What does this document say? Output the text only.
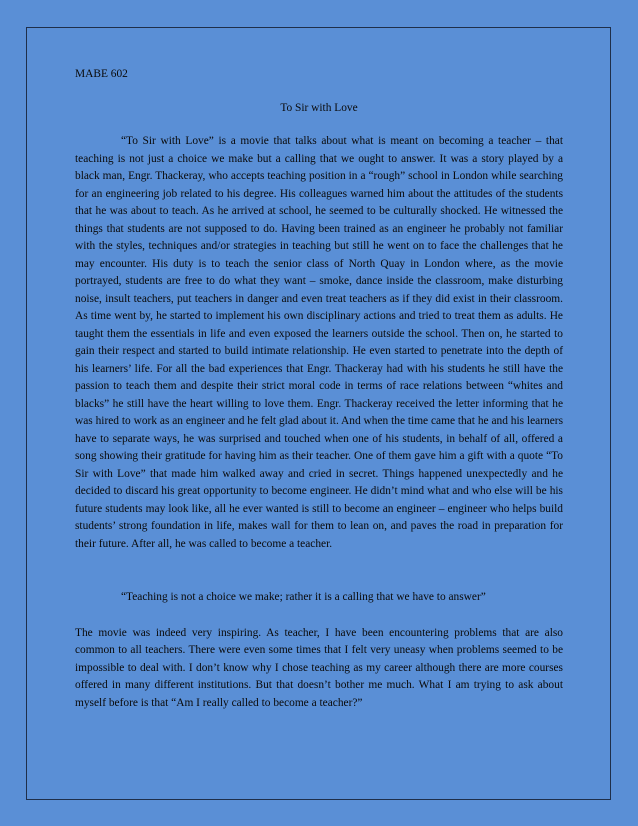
MABE 602

To Sir with Love

“To Sir with Love” is a movie that talks about what is meant on becoming a teacher – that teaching is not just a choice we make but a calling that we ought to answer. It was a story played by a black man, Engr. Thackeray, who accepts teaching position in a “rough” school in London while searching for an engineering job related to his degree. His colleagues warned him about the attitudes of the students that he was about to teach. As he arrived at school, he seemed to be culturally shocked. He witnessed the things that students are not supposed to do. Having been trained as an engineer he probably not familiar with the styles, techniques and/or strategies in teaching but still he went on to face the challenges that he may encounter. His duty is to teach the senior class of North Quay in London where, as the movie portrayed, students are free to do what they want – smoke, dance inside the classroom, make disturbing noise, insult teachers, put teachers in danger and even treat teachers as if they did exist in their classroom. As time went by, he started to implement his own disciplinary actions and tried to treat them as adults. He taught them the essentials in life and even exposed the learners outside the school. Then on, he started to gain their respect and started to build intimate relationship. He even started to penetrate into the depth of his learners’ life. For all the bad experiences that Engr. Thackeray had with his students he still have the passion to teach them and despite their strict moral code in terms of race relations between “whites and blacks” he still have the heart willing to love them. Engr. Thackeray received the letter informing that he was hired to work as an engineer and he felt glad about it. And when the time came that he and his learners have to separate ways, he was surprised and touched when one of his students, in behalf of all, offered a song showing their gratitude for having him as their teacher. One of them gave him a gift with a quote “To Sir with Love” that made him walked away and cried in secret. Things happened unexpectedly and he decided to discard his great opportunity to become engineer. He didn’t mind what and who else will be his future students may look like, all he ever wanted is still to become an engineer – engineer who helps build students’ strong foundation in life, makes wall for them to lean on, and paves the road in preparation for their future. After all, he was called to become a teacher.

“Teaching is not a choice we make; rather it is a calling that we have to answer”

The movie was indeed very inspiring. As teacher, I have been encountering problems that are also common to all teachers. There were even some times that I felt very uneasy when problems seemed to be impossible to deal with. I don’t know why I chose teaching as my career although there are more courses offered in many different institutions. But that doesn’t bother me much. What I am trying to ask about myself before is that “Am I really called to become a teacher?”
